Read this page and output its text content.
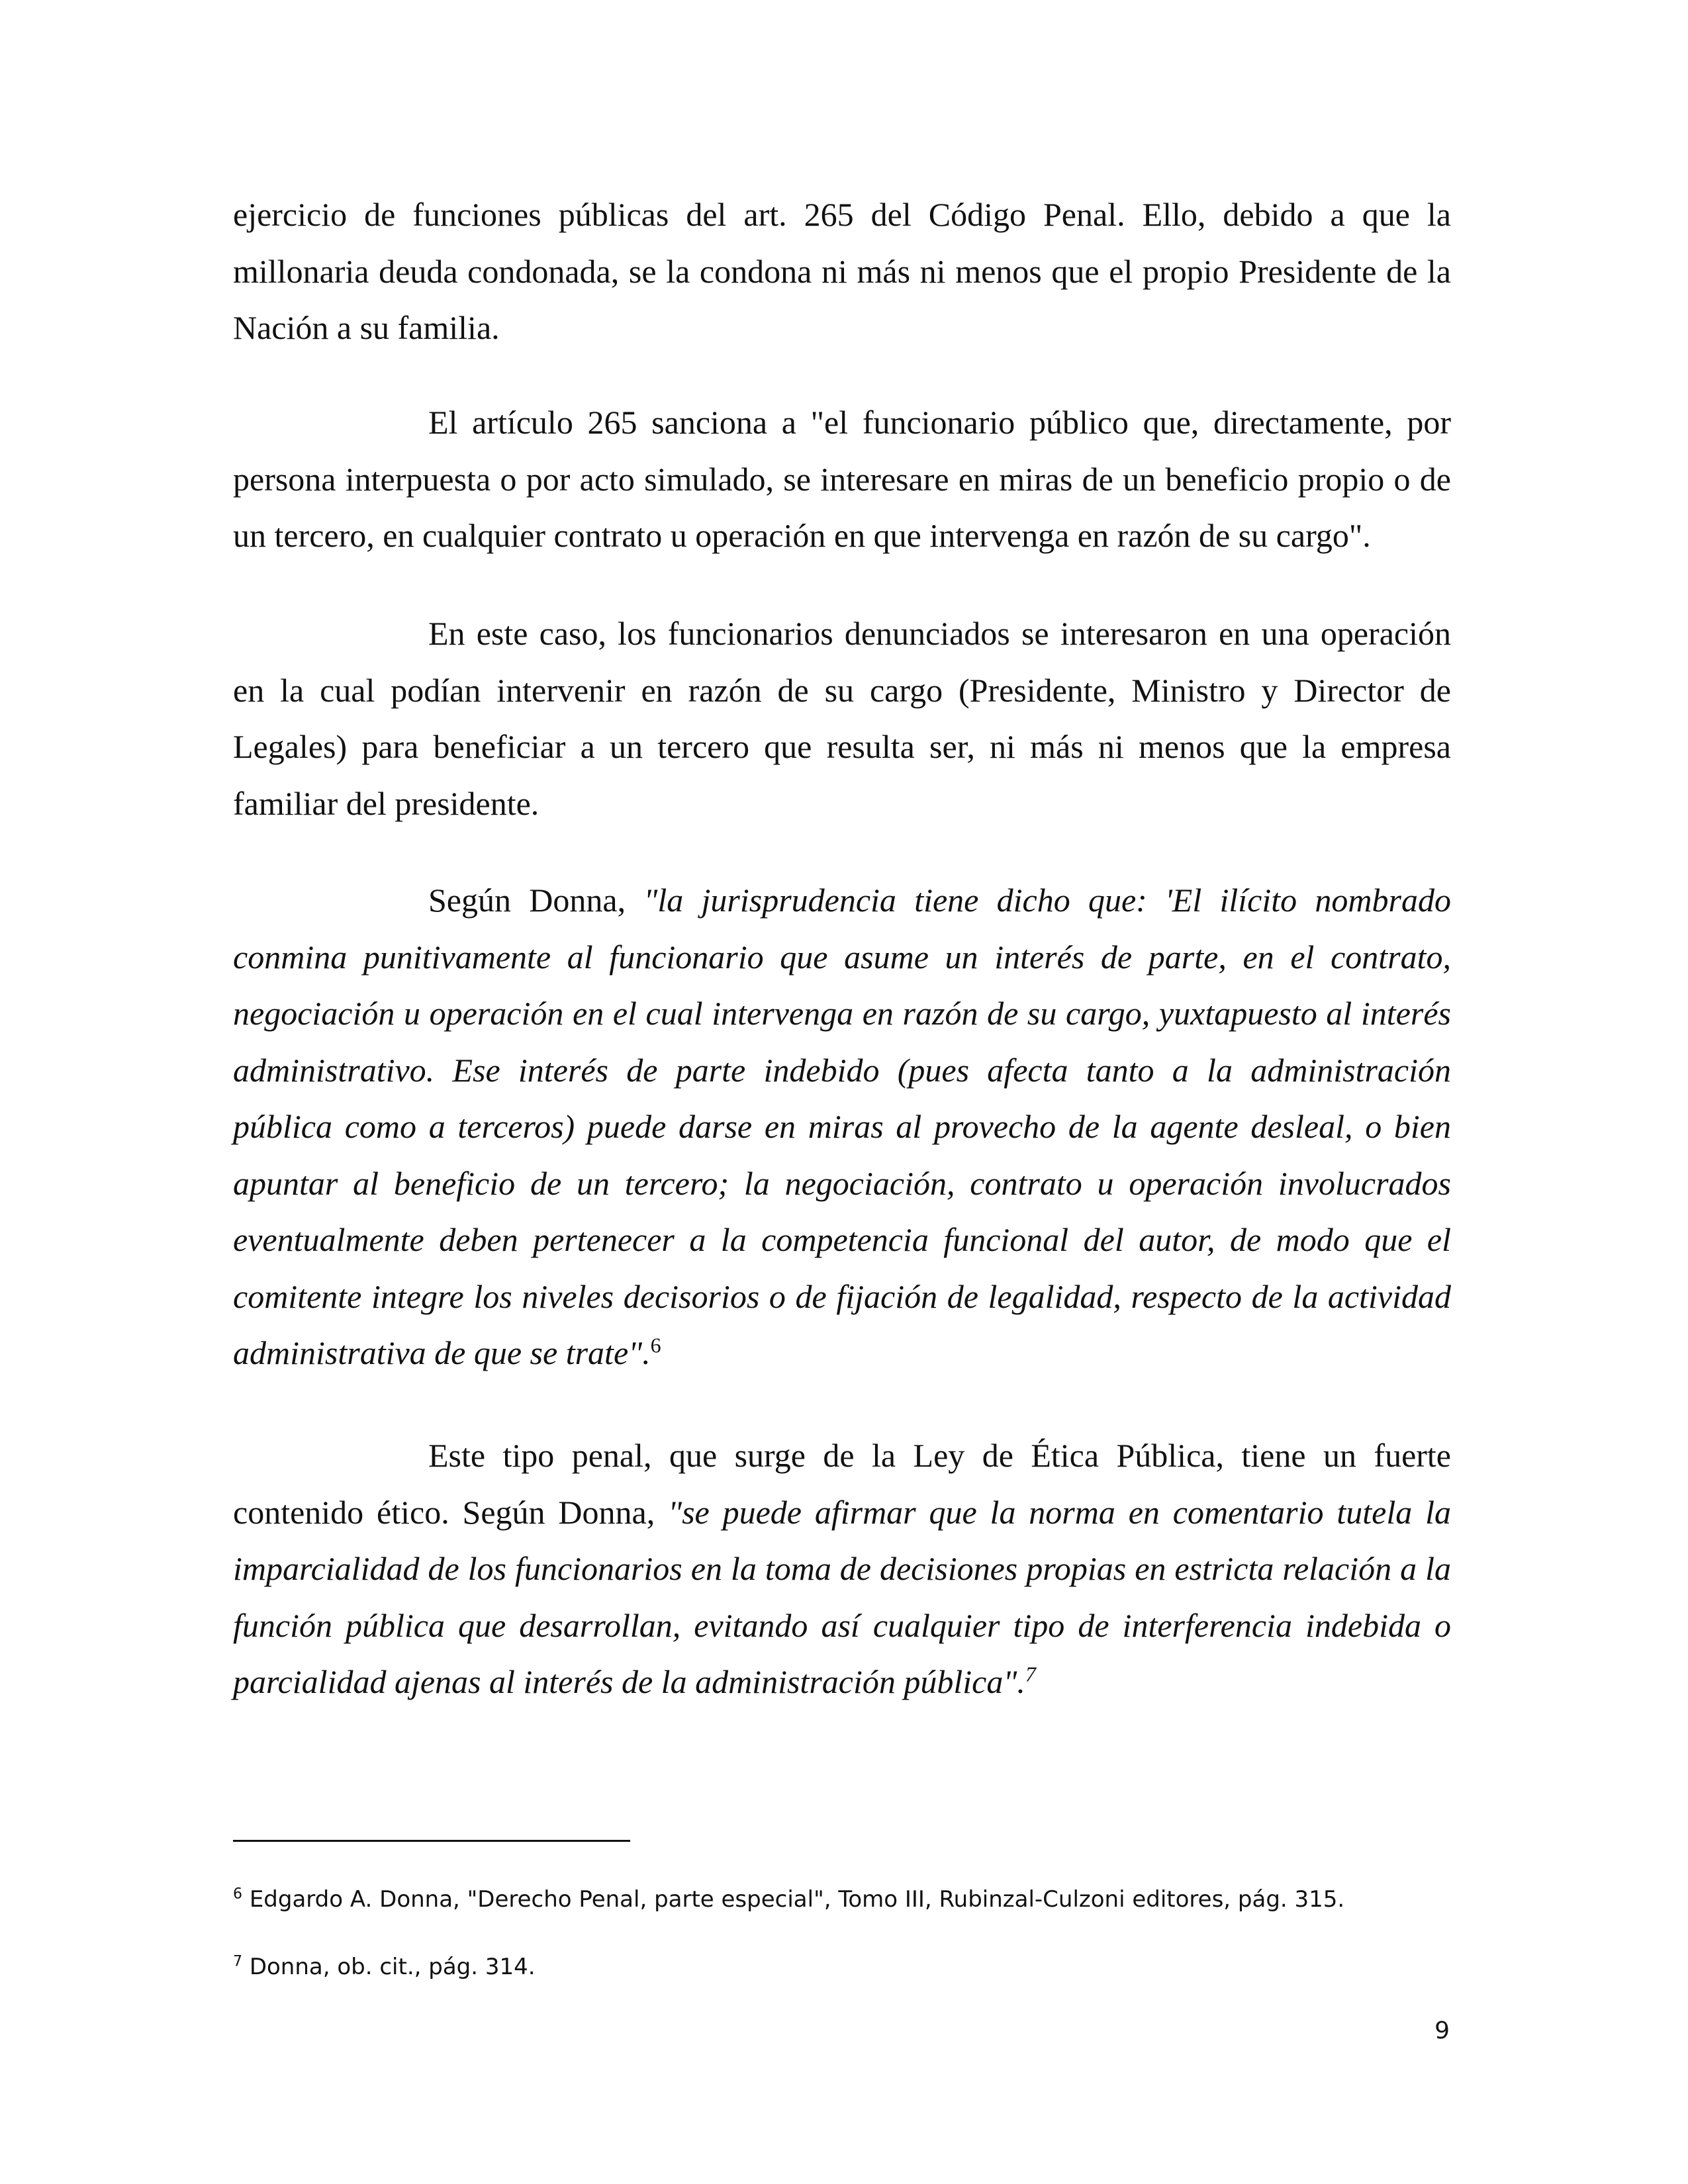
ejercicio de funciones públicas del art. 265 del Código Penal. Ello, debido a que la millonaria deuda condonada, se la condona ni más ni menos que el propio Presidente de la Nación a su familia.

El artículo 265 sanciona a "el funcionario público que, directamente, por persona interpuesta o por acto simulado, se interesare en miras de un beneficio propio o de un tercero, en cualquier contrato u operación en que intervenga en razón de su cargo".

En este caso, los funcionarios denunciados se interesaron en una operación en la cual podían intervenir en razón de su cargo (Presidente, Ministro y Director de Legales) para beneficiar a un tercero que resulta ser, ni más ni menos que la empresa familiar del presidente.

Según Donna, "la jurisprudencia tiene dicho que: 'El ilícito nombrado conmina punitivamente al funcionario que asume un interés de parte, en el contrato, negociación u operación en el cual intervenga en razón de su cargo, yuxtapuesto al interés administrativo. Ese interés de parte indebido (pues afecta tanto a la administración pública como a terceros) puede darse en miras al provecho de la agente desleal, o bien apuntar al beneficio de un tercero; la negociación, contrato u operación involucrados eventualmente deben pertenecer a la competencia funcional del autor, de modo que el comitente integre los niveles decisorios o de fijación de legalidad, respecto de la actividad administrativa de que se trate".$^6$

Este tipo penal, que surge de la Ley de Ética Pública, tiene un fuerte contenido ético. Según Donna, "se puede afirmar que la norma en comentario tutela la imparcialidad de los funcionarios en la toma de decisiones propias en estricta relación a la función pública que desarrollan, evitando así cualquier tipo de interferencia indebida o parcialidad ajenas al interés de la administración pública".$^7$

$^6$ Edgardo A. Donna, "Derecho Penal, parte especial", Tomo III, Rubinzal-Culzoni editores, pág. 315.

$^7$ Donna, ob. cit., pág. 314.

9
